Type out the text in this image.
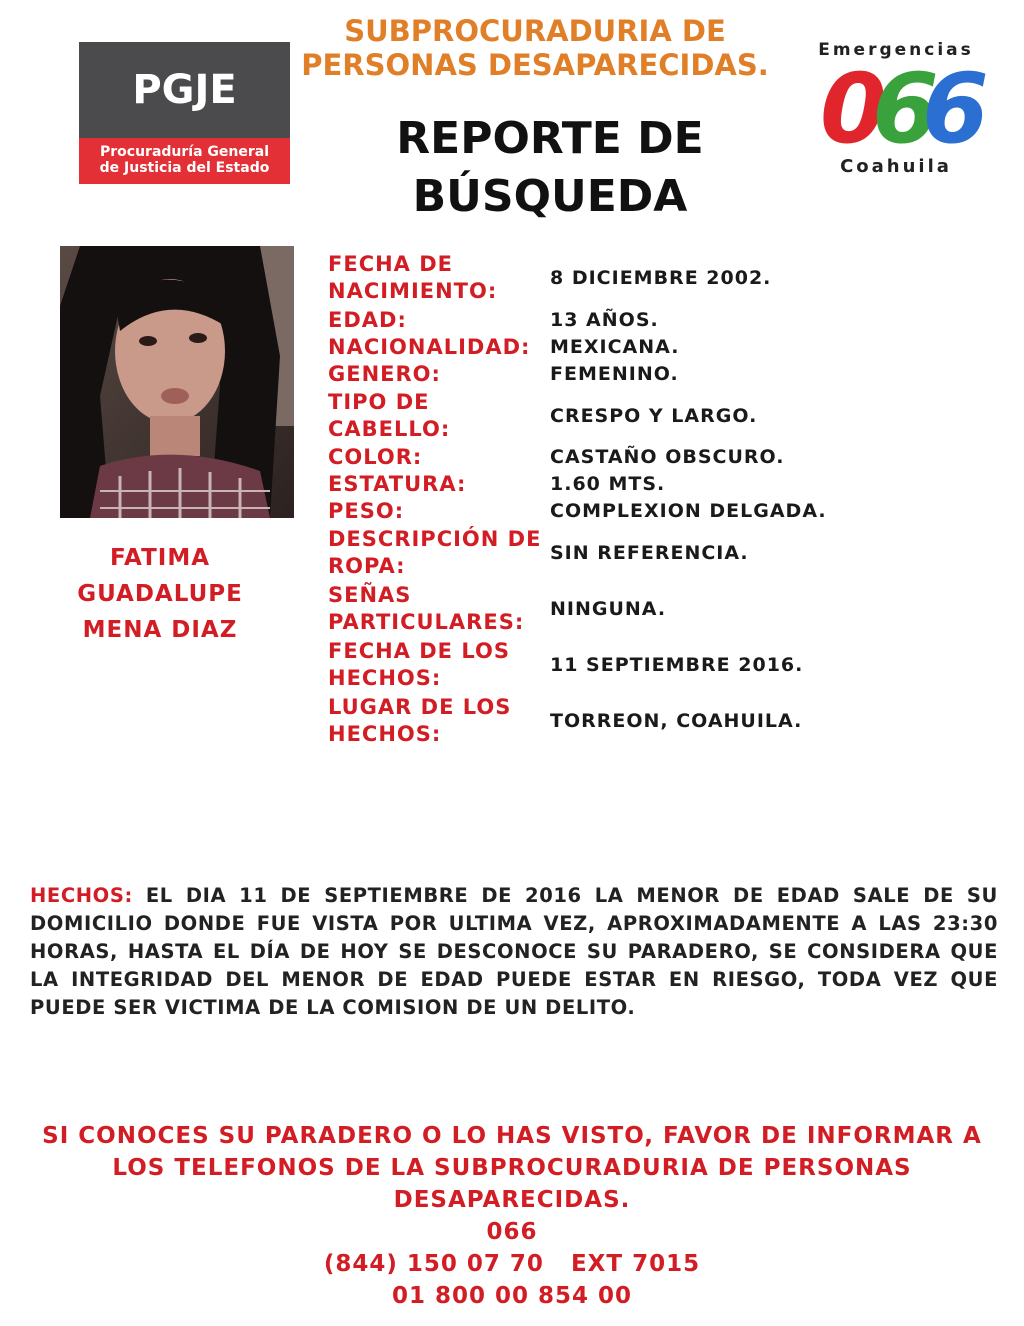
PGJE
Procuraduría General
de Justicia del Estado
SUBPROCURADURIA DE
PERSONAS DESAPARECIDAS.
REPORTE DE
BÚSQUEDA
Emergencias
0
6
6
Coahuila
FATIMA
GUADALUPE
MENA DIAZ
FECHA DE NACIMIENTO:
8 DICIEMBRE 2002.
EDAD:	13 AÑOS.
NACIONALIDAD:	MEXICANA.
GENERO:	FEMENINO.
TIPO DE CABELLO:
CRESPO Y LARGO.
COLOR:	CASTAÑO OBSCURO.
ESTATURA:	1.60 MTS.
PESO:	COMPLEXION DELGADA.
DESCRIPCIÓN DE ROPA:
SIN REFERENCIA.
SEÑAS PARTICULARES:
NINGUNA.
FECHA DE LOS HECHOS:
11 SEPTIEMBRE 2016.
LUGAR DE LOS HECHOS:
TORREON, COAHUILA.
HECHOS: EL DIA 11 DE SEPTIEMBRE DE 2016 LA MENOR DE EDAD SALE DE SU DOMICILIO DONDE FUE VISTA POR ULTIMA VEZ, APROXIMADAMENTE A LAS 23:30 HORAS, HASTA EL DÍA DE HOY SE DESCONOCE SU PARADERO, SE CONSIDERA QUE LA INTEGRIDAD DEL MENOR DE EDAD PUEDE ESTAR EN RIESGO, TODA VEZ QUE PUEDE SER VICTIMA DE LA COMISION DE UN DELITO.
SI CONOCES SU PARADERO O LO HAS VISTO, FAVOR DE INFORMAR A
LOS TELEFONOS DE LA SUBPROCURADURIA DE PERSONAS
DESAPARECIDAS.
066
(844) 150 07 70   EXT 7015
01 800 00 854 00
